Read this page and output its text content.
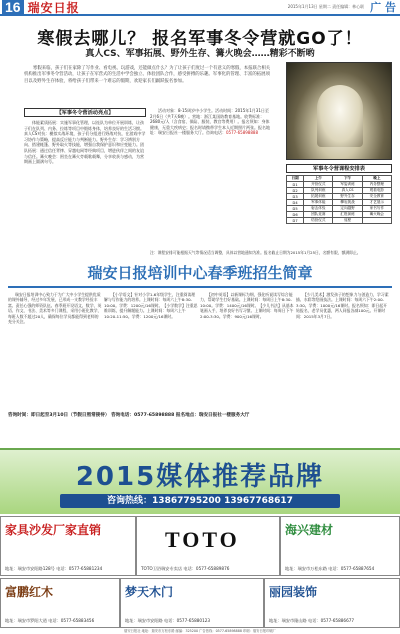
16 瑞安日报	2015年1月13日 星期二 责任编辑：林心联 广 告
寒假去哪儿？ 报名军事冬令营就GO了！
真人CS、军事拓展、野外生存、篝火晚会……精彩不断哟
寒假来临，孩子们在家除了写作业、看电视、玩游戏，还能做点什么？为了让孩子们度过一个有意义的寒假，本报联合相关机构推出军事冬令营活动，让孩子在军营式的生活中学会独立、体验团队合作，感受拼搏的乐趣。军事化的管理、丰富的拓展项目以及野外生存体验，将给孩子们带来一个难忘的假期，欢迎家长们踊跃报名参加。
【军事冬令营活动亮点】
体能素质拓展：实施军事化管理，以连队为单位开展训练，让孩子们在队列、内务、拉练等项目中锻炼身体，培养良好的生活习惯。真人CS对抗：模拟实战环境，孩子们分组进行野战对抗，在游戏中学习协作与策略，提高反应能力与判断能力。野外生存：学习辨别方向、搭建帐篷、野外取火等技能，增强自我保护意识和应变能力。团队拓展：通过信任背摔、穿越电网等经典项目，增进伙伴之间的友谊与信任。篝火晚会：围坐在篝火旁载歌载舞，分享收获与感动，为营期画上圆满句号。
活动对象：8-15周岁中小学生。活动时间：2015年1月31日至2月6日（共7天6晚）。营地：浙江某国防教育基地。收费标准：2680元/人（含食宿、保险、服装、教官等费用）。报名须知：身体健康，无重大疾病史；报名时请携带学生本人近期照片两张。报名地址：瑞安日报社一楼服务大厅。咨询电话：0577-65898888
军事冬令营课程安排表
日期	上午	下午	晚上
D1	开营仪式	军姿训练	内务整理
D2	队列训练	真人CS	观看电影
D3	拓展训练	野外生存	安全教育
D4	军事体能	攀岩挑战	才艺展示
D5	射击体验	定向越野	家书写作
D6	团队竞赛	汇报演练	篝火晚会
D7	结营仪式	返程	
注：课程安排可能根据天气等情况适当调整，具体以营地通知为准。报名截止日期为2015年1月25日，名额有限，额满即止。
瑞安日报培训中心春季班招生简章
瑞安日报培训中心致力于为广大中小学生提供优质的课外辅导，经过多年发展，已形成一支教学经验丰富、责任心强的师资队伍。春季班开设语文、数学、英语、作文、书法、美术等多门课程，采用小班化教学，每班人数不超过20人，确保每位学员都能得到老师的充分关注。
【小学语文】针对小学1-6年级学生，注重阅读理解与写作能力的培养。上课时间：每周六上午8:30-10:00。学费：1200元/16课时。【小学数学】注重思维训练，提升解题能力。上课时间：每周六上午10:20-11:50。学费：1200元/16课时。
【初中英语】以新课标为纲，强化听说读写综合能力，帮助学生打好基础。上课时间：每周日上午8:30-10:00。学费：1400元/16课时。【少儿书法】从基本笔画入手，培养良好书写习惯。上课时间：每周日下午2:00-3:30。学费：900元/16课时。
【少儿美术】激发孩子的想象力与创造力，学习素描、水彩等绘画技法。上课时间：每周六下午2:00-3:30。学费：1000元/16课时。报名须知：即日起开始报名，老学员优惠，两人同报各减100元。开课时间：2015年3月7日。
咨询时间：即日起至3月10日（节假日照常接待） 咨询电话：0577-65898888 报名地点：瑞安日报社一楼服务大厅
2015媒体推荐品牌
咨询热线：13867795200 13967768617
家具沙发厂家直销
地址：瑞安市安阳路128号 电话：0577-65881234
TOTO
TOTO卫浴瑞安专卖店 电话：0577-65889876
海兴建材
地址：瑞安市万松东路 电话：0577-65887654
富鹏红木
地址：瑞安市罗阳大道 电话：0577-65883456
梦天木门
地址：瑞安市安阳路 电话：0577-65880123
丽园装饰
地址：瑞安市隆山路 电话：0577-65886677
瑞安日报社 地址：瑞安市万松东路 邮编：325200 广告热线：0577-65898888 印刷：瑞安日报印刷厂
